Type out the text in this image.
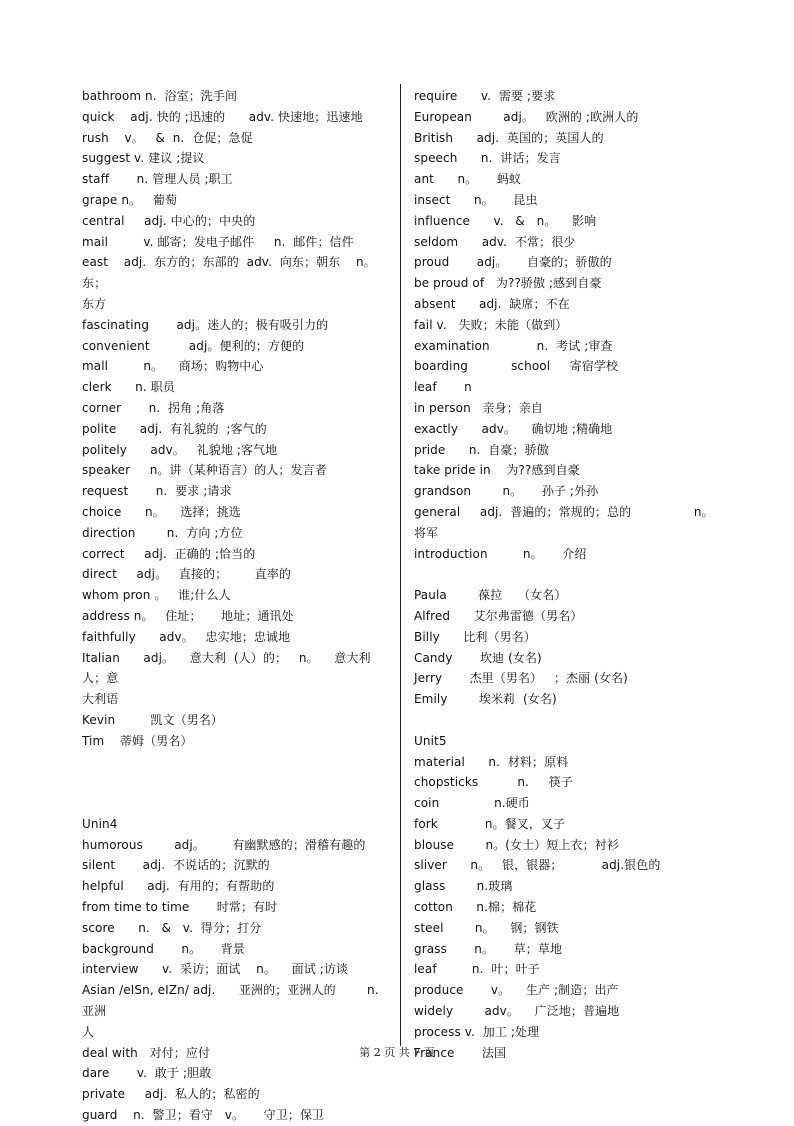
bathroom n.  浴室；洗手间
quick    adj. 快的 ;迅速的      adv. 快速地；迅速地
rush    v。   &  n.  仓促；急促
suggest v. 建议 ;提议
staff       n. 管理人员 ;职工
grape n。   葡萄
central     adj. 中心的；中央的
mail         v. 邮寄；发电子邮件     n.  邮件；信件
east    adj.  东方的；东部的  adv.  向东；朝东    n。 东；
东方
fascinating       adj。迷人的；极有吸引力的
convenient          adj。便利的；方便的
mall         n。    商场；购物中心
clerk      n. 职员
corner       n.  拐角 ;角落
polite      adj.  有礼貌的  ;客气的
politely      adv。   礼貌地 ;客气地
speaker     n。讲（某种语言）的人；发言者
request       n.  要求 ;请求
choice      n。    选择；挑选
direction        n.  方向 ;方位
correct     adj.  正确的 ;恰当的
direct     adj。   直接的；       直率的
whom pron 。   谁;什么人
address n。   住址；     地址；通讯处
faithfully      adv。   忠实地；忠诚地
Italian      adj。    意大利  (人）的；   n。    意大利人；意
大利语
Kevin         凯文（男名）
Tim    蒂姆（男名）
Unin4
humorous        adj。       有幽默感的；滑稽有趣的
silent       adj.  不说话的；沉默的
helpful      adj.  有用的；有帮助的
from time to time       时常；有时
score      n.   &   v.  得分；打分
background       n。     背景
interview      v.  采访；面试    n。    面试 ;访谈
Asian /eISn, eIZn/ adj.      亚洲的；亚洲人的        n.  亚洲
人
deal with   对付；应付
dare       v.  敢于 ;胆敢
private     adj.  私人的；私密的
guard    n.  警卫；看守   v。     守卫；保卫
require      v.  需要 ;要求
European        adj。   欧洲的 ;欧洲人的
British      adj.  英国的；英国人的
speech      n.  讲话；发言
ant      n。     蚂蚁
insect      n。     昆虫
influence      v.   &   n。    影响
seldom      adv.  不常；很少
proud       adj。     自豪的；骄傲的
be proud of   为??骄傲 ;感到自豪
absent      adj.  缺席；不在
fail v.   失败；未能（做到）
examination            n.  考试 ;审查
boarding           school     寄宿学校
leaf       n
in person   亲身；亲自
exactly      adv。    确切地 ;精确地
pride      n.  自豪；骄傲
take pride in    为??感到自豪
grandson        n。     孙子 ;外孙
general     adj.  普遍的；常规的；总的                n。     将军
introduction         n。     介绍
Paula        葆拉    （女名）
Alfred      艾尔弗雷德（男名）
Billy      比利（男名）
Candy       坎迪 (女名)
Jerry       杰里（男名）   ；杰丽 (女名)
Emily        埃米莉  (女名)
Unit5
material      n.  材料；原料
chopsticks          n.     筷子
coin              n.硬币
fork            n。餐叉，叉子
blouse        n。(女士）短上衣；衬衫
sliver      n。   银，银器；          adj.银色的
glass        n.玻璃
cotton      n.棉；棉花
steel        n。    钢；钢铁
grass       n。     草；草地
leaf         n.  叶；叶子
produce       v。    生产 ;制造；出产
widely        adv。    广泛地；普遍地
process v.  加工 ;处理
France       法国
第 2 页 共 7 页
